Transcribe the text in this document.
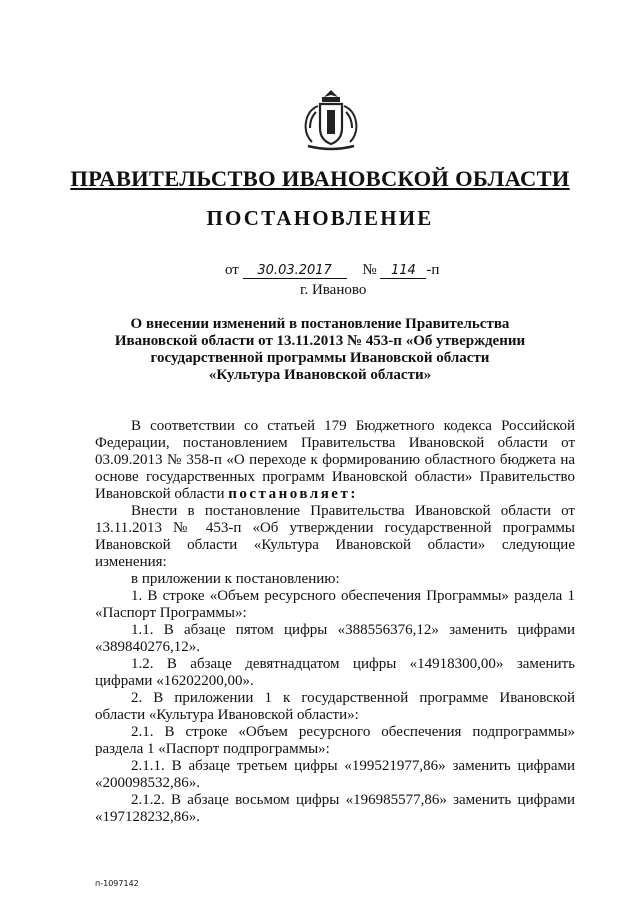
ПРАВИТЕЛЬСТВО ИВАНОВСКОЙ ОБЛАСТИ
ПОСТАНОВЛЕНИЕ
от 30.03.2017 № 114 -п
г. Иваново
О внесении изменений в постановление Правительства
Ивановской области от 13.11.2013 № 453-п «Об утверждении
государственной программы Ивановской области
«Культура Ивановской области»

В соответствии со статьей 179 Бюджетного кодекса Российской Федерации, постановлением Правительства Ивановской области от 03.09.2013 № 358-п «О переходе к формированию областного бюджета на основе государственных программ Ивановской области» Правительство Ивановской области постановляет:

Внести в постановление Правительства Ивановской области от 13.11.2013 № 453-п «Об утверждении государственной программы Ивановской области «Культура Ивановской области» следующие изменения:

в приложении к постановлению:

1. В строке «Объем ресурсного обеспечения Программы» раздела 1 «Паспорт Программы»:

1.1. В абзаце пятом цифры «388556376,12» заменить цифрами «389840276,12».

1.2. В абзаце девятнадцатом цифры «14918300,00» заменить цифрами «16202200,00».

2. В приложении 1 к государственной программе Ивановской области «Культура Ивановской области»:

2.1. В строке «Объем ресурсного обеспечения подпрограммы» раздела 1 «Паспорт подпрограммы»:

2.1.1. В абзаце третьем цифры «199521977,86» заменить цифрами «200098532,86».

2.1.2. В абзаце восьмом цифры «196985577,86» заменить цифрами «197128232,86».

п-1097142
